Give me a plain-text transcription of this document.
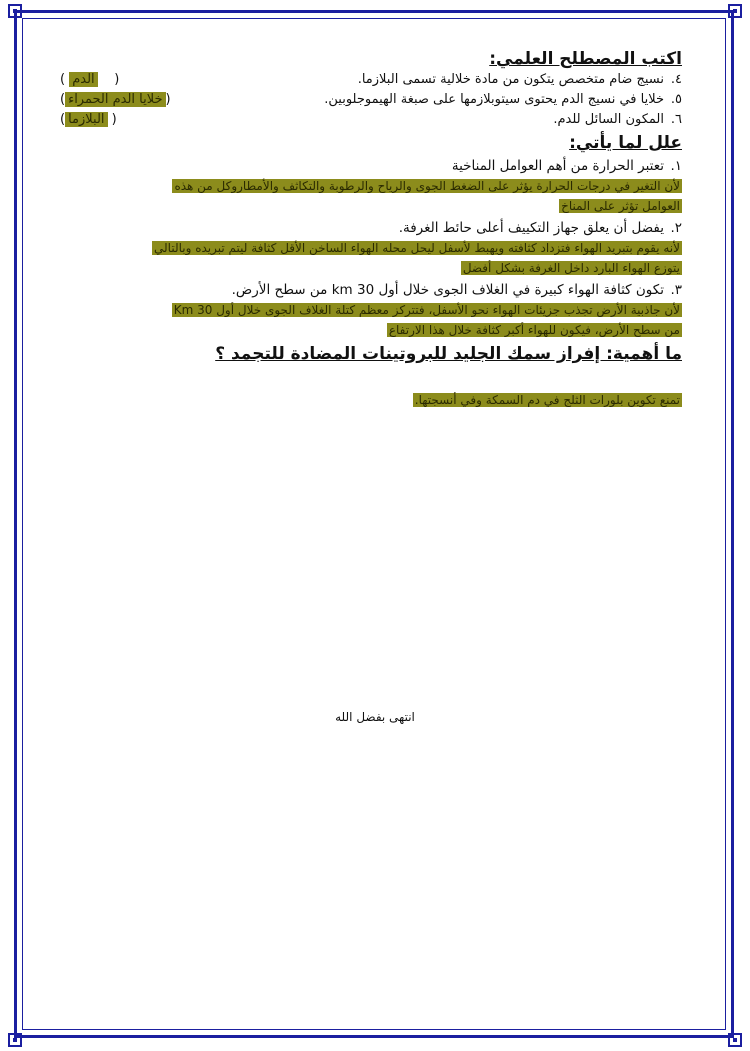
اكتب المصطلح العلمي:
٤.نسيج ضام متخصص يتكون من مادة خلالية تسمى البلازما.
(    الدم )
٥.خلايا في نسيج الدم يحتوى سيتوبلازمها على صبغة الهيموجلوبين.
(خلايا الدم الحمراء)
٦.المكون السائل للدم.
( البلازما)
علل لما يأتي:
١.تعتبر الحرارة من أهم العوامل المناخية
لأن التغير في درجات الحرارة يؤثر على الضغط الجوى والرياح والرطوبة والتكاثف والأمطاروكل من هذه
العوامل تؤثر على المناخ
٢.يفضل أن يعلق جهاز التكييف أعلى حائط الغرفة.
لأنه يقوم بتبريد الهواء فتزداد كثافته ويهبط لأسفل ليحل محله الهواء الساخن الأقل كثافة ليتم تبريده وبالتالي
يتوزع الهواء البارد داخل الغرفة بشكل أفضل
٣.تكون كثافة الهواء كبيرة في الغلاف الجوى خلال أول 30 km من سطح الأرض.
لأن جاذبية الأرض تجذب جزيئات الهواء نحو الأسفل، فتتركز معظم كتلة الغلاف الجوى خلال أول 30 Km
من سطح الأرض، فيكون للهواء أكبر كثافة خلال هذا الارتفاع
ما أهمية: إفراز سمك الجليد للبروتينات المضادة للتجمد ؟
تمنع تكوين بلورات الثلج في دم السمكة وفي أنسجتها.
انتهى بفضل الله
